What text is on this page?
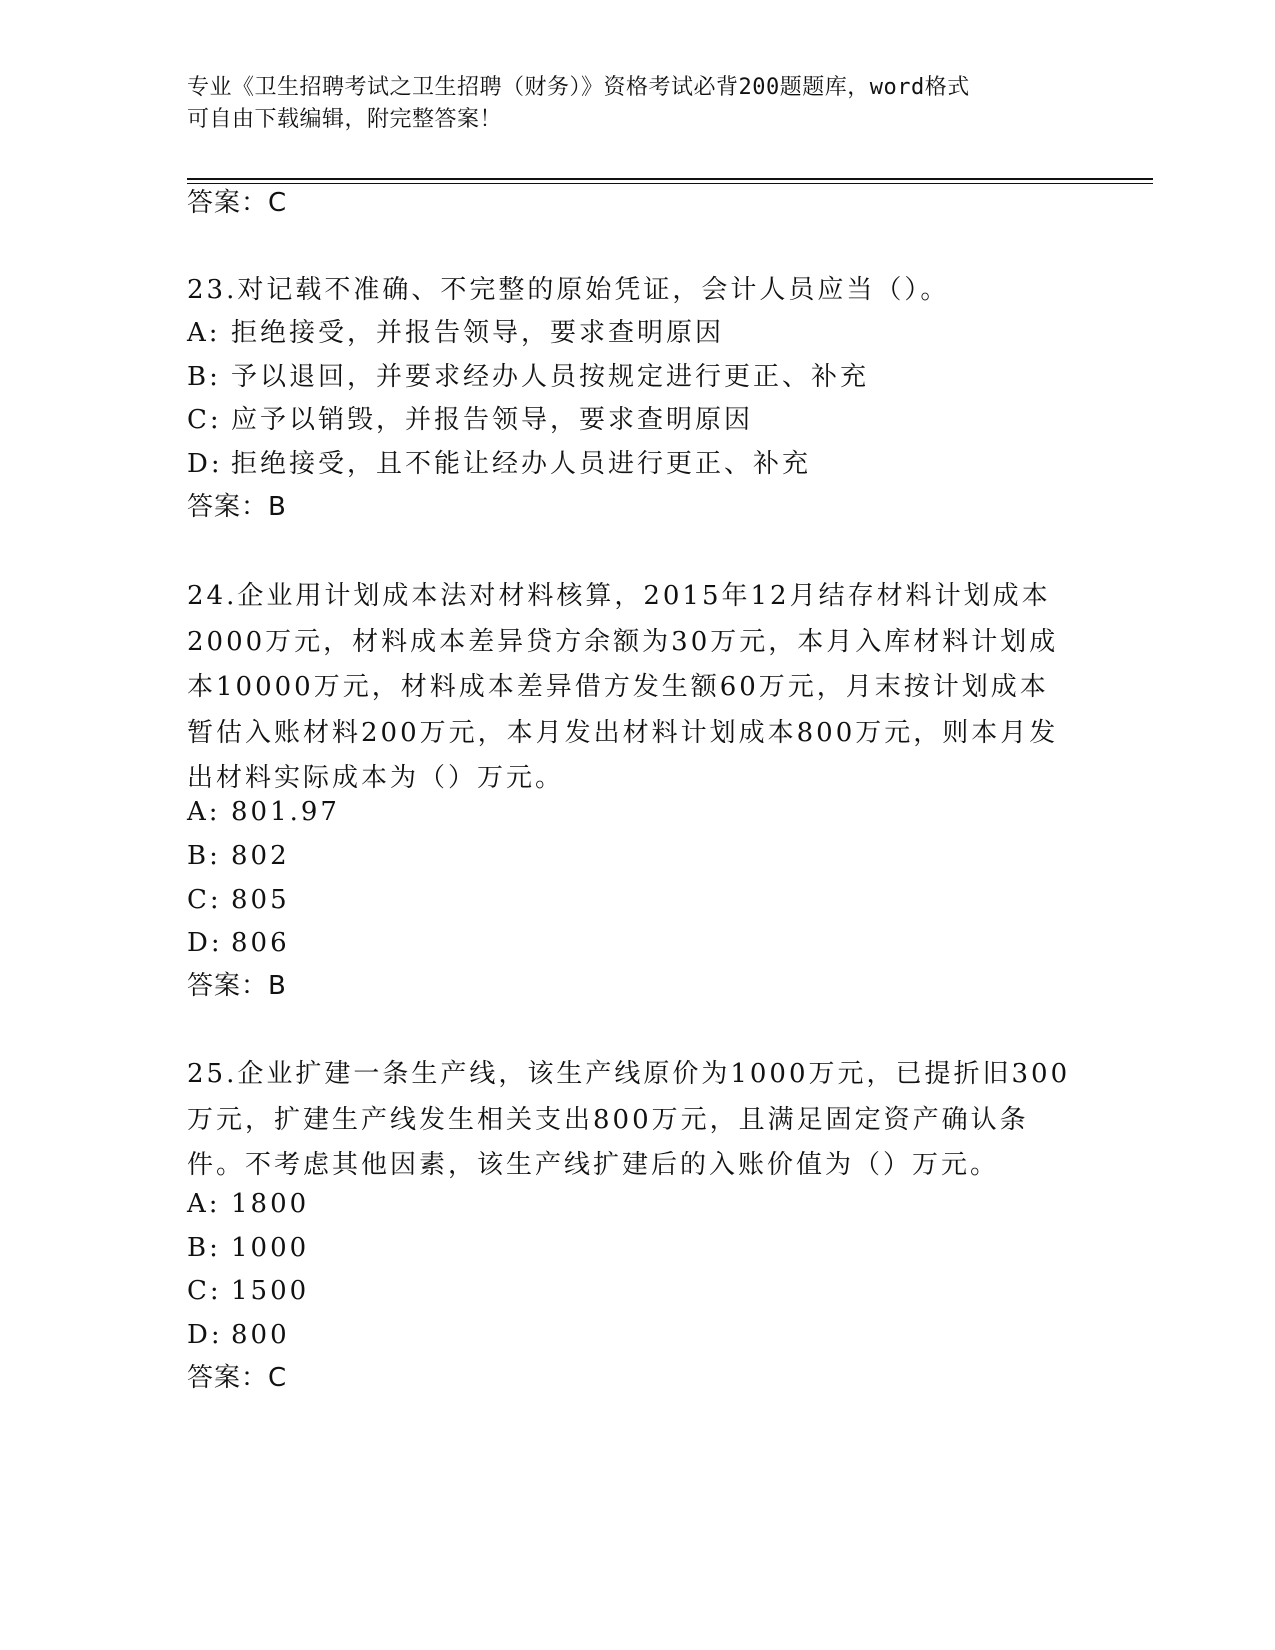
专业《卫生招聘考试之卫生招聘（财务）》资格考试必背200题题库，word格式
可自由下载编辑，附完整答案！
答案：C
23.对记载不准确、不完整的原始凭证，会计人员应当（）。
A: 拒绝接受，并报告领导，要求查明原因
B: 予以退回，并要求经办人员按规定进行更正、补充
C: 应予以销毁，并报告领导，要求查明原因
D: 拒绝接受，且不能让经办人员进行更正、补充
答案：B
24.企业用计划成本法对材料核算，2015年12月结存材料计划成本2000万元，材料成本差异贷方余额为30万元，本月入库材料计划成本10000万元，材料成本差异借方发生额60万元，月末按计划成本暂估入账材料200万元，本月发出材料计划成本800万元，则本月发出材料实际成本为（）万元。
A: 801.97
B: 802
C: 805
D: 806
答案：B
25.企业扩建一条生产线，该生产线原价为1000万元，已提折旧300万元，扩建生产线发生相关支出800万元，且满足固定资产确认条件。不考虑其他因素，该生产线扩建后的入账价值为（）万元。
A: 1800
B: 1000
C: 1500
D: 800
答案：C
